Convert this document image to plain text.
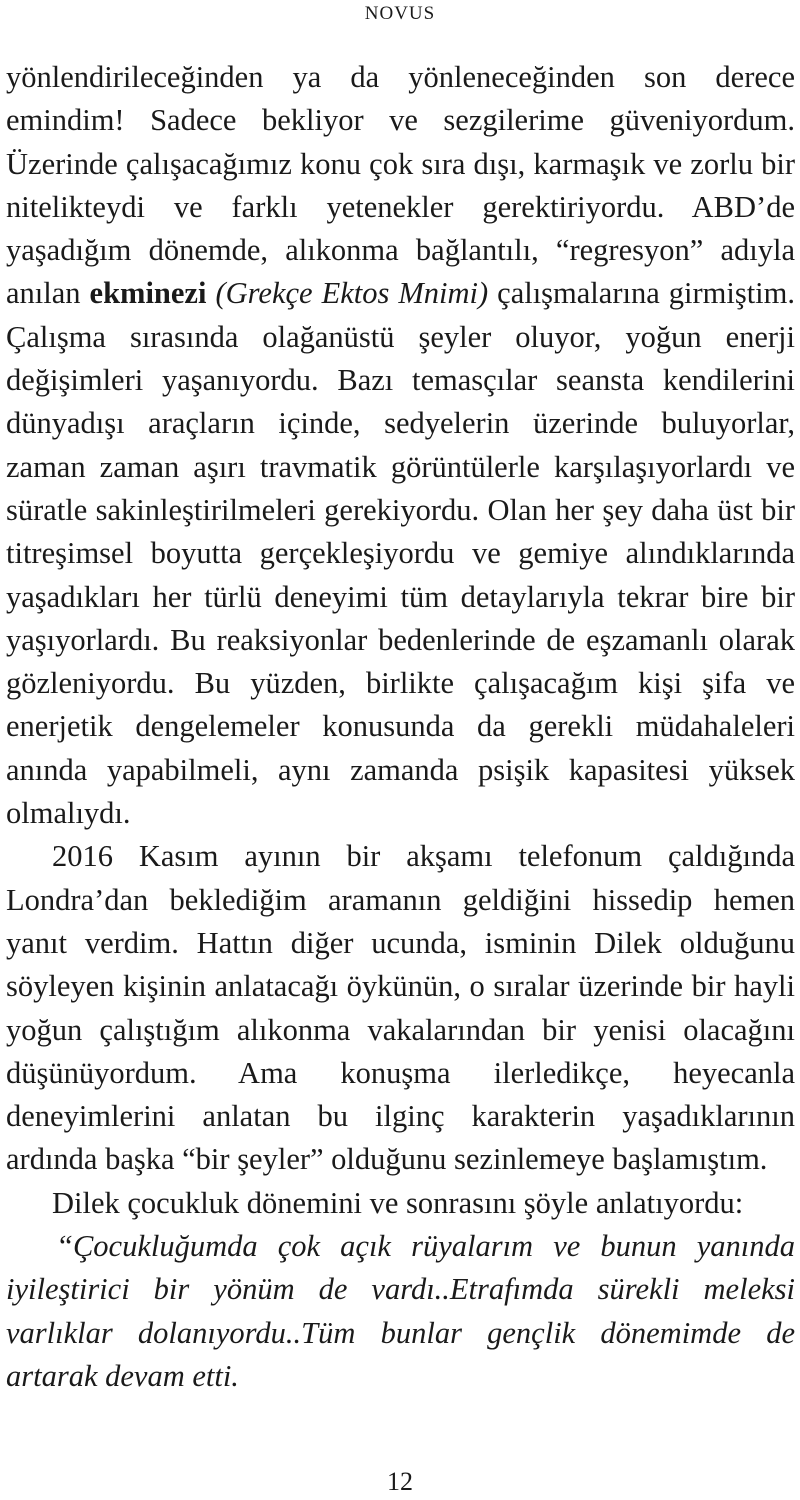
NOVUS

yönlendirileceğinden ya da yönleneceğinden son derece emindim! Sadece bekliyor ve sezgilerime güveniyordum. Üzerinde çalışacağımız konu çok sıra dışı, karmaşık ve zorlu bir nitelikteydi ve farklı yetenekler gerektiriyordu. ABD’de yaşadığım dönemde, alıkonma bağlantılı, “regresyon” adıyla anılan ekminezi (Grekçe Ektos Mnimi) çalışmalarına girmiştim. Çalışma sırasında olağanüstü şeyler oluyor, yoğun enerji değişimleri yaşanıyordu. Bazı temasçılar seansta kendilerini dünyadışı araçların içinde, sedyelerin üzerinde buluyorlar, zaman zaman aşırı travmatik görüntülerle karşılaşıyorlardı ve süratle sakinleştirilmeleri gerekiyordu. Olan her şey daha üst bir titreşimsel boyutta gerçekleşiyordu ve gemiye alındıklarında yaşadıkları her türlü deneyimi tüm detaylarıyla tekrar bire bir yaşıyorlardı. Bu reaksiyonlar bedenlerinde de eşzamanlı olarak gözleniyordu. Bu yüzden, birlikte çalışacağım kişi şifa ve enerjetik dengelemeler konusunda da gerekli müdahaleleri anında yapabilmeli, aynı zamanda psişik kapasitesi yüksek olmalıydı.

2016 Kasım ayının bir akşamı telefonum çaldığında Londra’dan beklediğim aramanın geldiğini hissedip hemen yanıt verdim. Hattın diğer ucunda, isminin Dilek olduğunu söyleyen kişinin anlatacağı öykünün, o sıralar üzerinde bir hayli yoğun çalıştığım alıkonma vakalarından bir yenisi olacağını düşünüyordum. Ama konuşma ilerledikçe, heyecanla deneyimlerini anlatan bu ilginç karakterin yaşadıklarının ardında başka “bir şeyler” olduğunu sezinlemeye başlamıştım.

Dilek çocukluk dönemini ve sonrasını şöyle anlatıyordu:

“Çocukluğumda çok açık rüyalarım ve bunun yanında iyileştirici bir yönüm de vardı..Etrafımda sürekli meleksi varlıklar dolanıyordu..Tüm bunlar gençlik dönemimde de artarak devam etti.

12
